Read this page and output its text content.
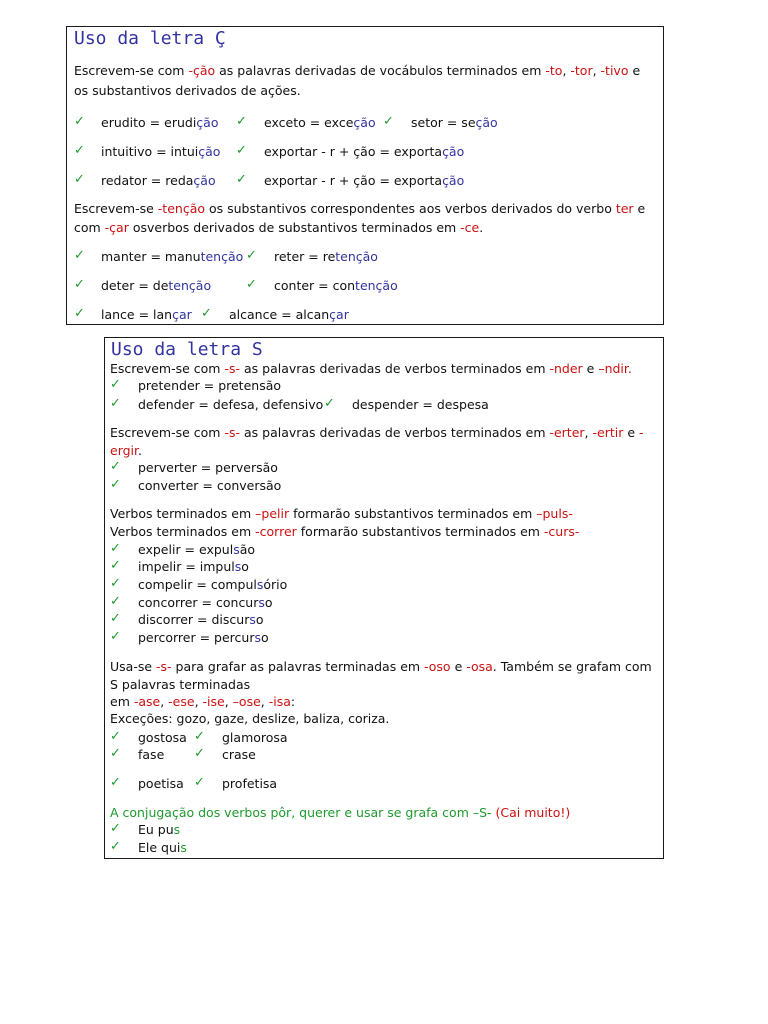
Uso da letra Ç
Escrevem-se com -ção as palavras derivadas de vocábulos terminados em -to, -tor, -tivo e
os substantivos derivados de ações.
✓ erudito = erudição ✓ exceto = exceção ✓ setor = seção
✓ intuitivo = intuição ✓ exportar - r + ção = exportação
✓ redator = redação ✓ exportar - r + ção = exportação
Escrevem-se -tenção os substantivos correspondentes aos verbos derivados do verbo ter e
com -çar osverbos derivados de substantivos terminados em -ce.
✓ manter = manutenção ✓ reter = retenção
✓ deter = detenção	✓ conter = contenção
✓ lance = lançar ✓ alcance = alcançar
Uso da letra S
Escrevem-se com -s- as palavras derivadas de verbos terminados em -nder e –ndir.
✓ pretender = pretensão
✓ defender = defesa, defensivo ✓ despender = despesa
Escrevem-se com -s- as palavras derivadas de verbos terminados em -erter, -ertir e -
ergir.
✓ perverter = perversão
✓ converter = conversão
Verbos terminados em –pelir formarão substantivos terminados em –puls-
Verbos terminados em -correr formarão substantivos terminados em -curs-
✓ expelir = expulsão
✓ impelir = impulso
✓ compelir = compulsório
✓ concorrer = concurso
✓ discorrer = discurso
✓ percorrer = percurso
Usa-se -s- para grafar as palavras terminadas em -oso e -osa. Também se grafam com
S palavras terminadas
em -ase, -ese, -ise, –ose, -isa:
Exceções: gozo, gaze, deslize, baliza, coriza.
✓ gostosa ✓ glamorosa
✓ fase ✓ crase
✓ poetisa ✓ profetisa
A conjugação dos verbos pôr, querer e usar se grafa com –S- (Cai muito!)
✓ Eu pus
✓ Ele quis
